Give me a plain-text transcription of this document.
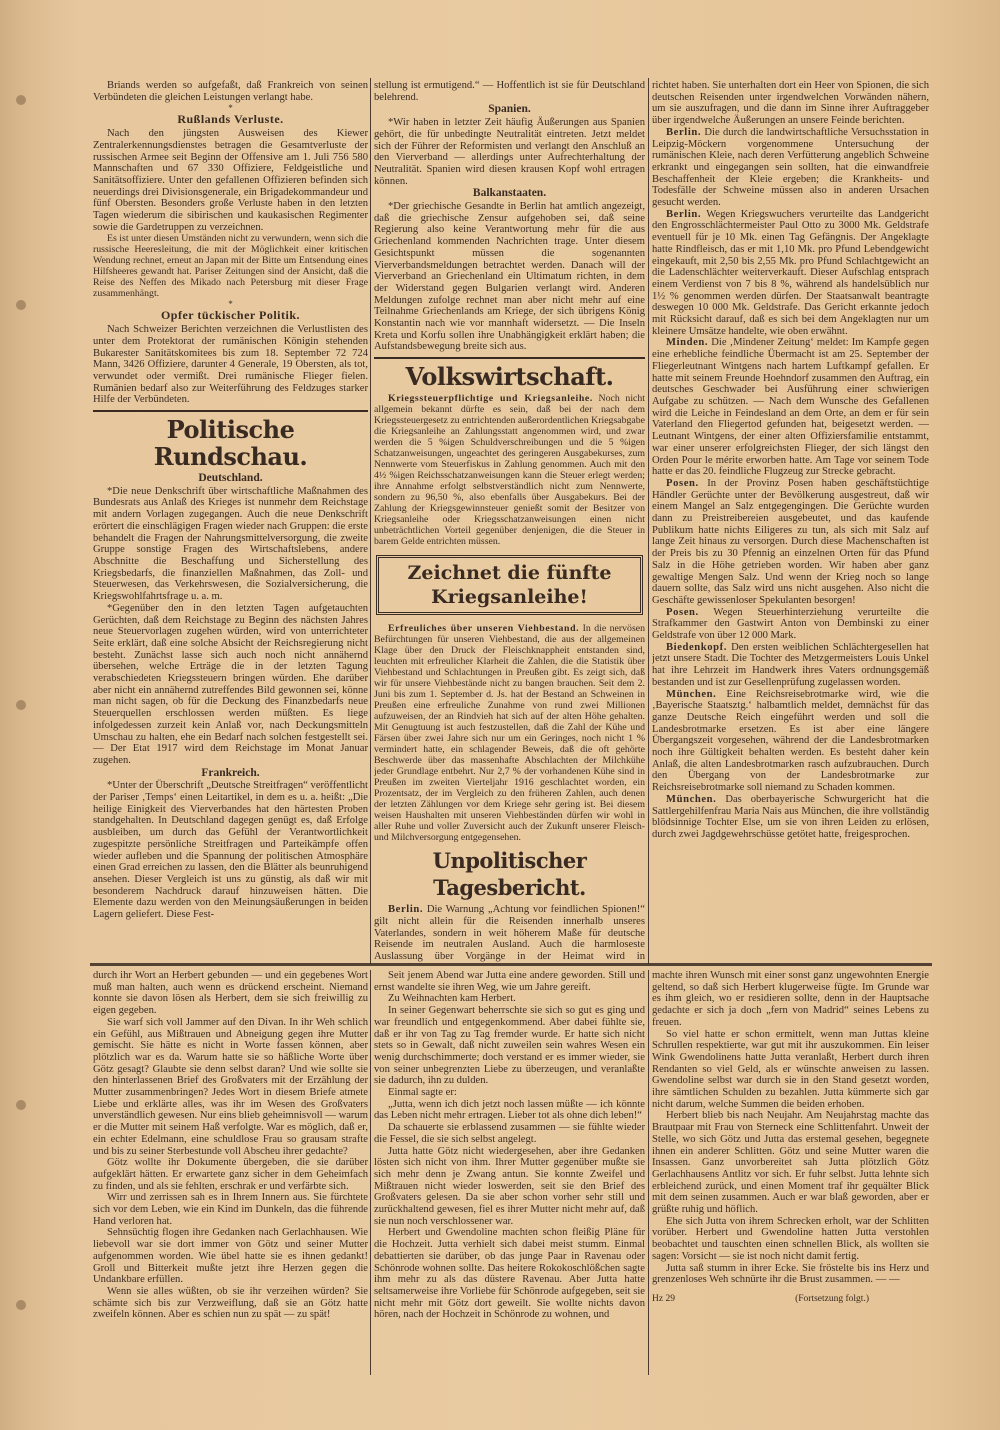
Briands werden so aufgefaßt, daß Frankreich von seinen Verbündeten die gleichen Leistungen verlangt habe.

*
Rußlands Verluste.

Nach den jüngsten Ausweisen des Kiewer Zentralerkennungsdienstes betragen die Gesamtverluste der russischen Armee seit Beginn der Offensive am 1. Juli 756 580 Mannschaften und 67 330 Offiziere, Feldgeistliche und Sanitätsoffiziere. Unter den gefallenen Offizieren befinden sich neuerdings drei Divisionsgenerale, ein Brigadekommandeur und fünf Obersten. Besonders große Verluste haben in den letzten Tagen wiederum die sibirischen und kaukasischen Regimenter sowie die Gardetruppen zu verzeichnen.

Es ist unter diesen Umständen nicht zu verwundern, wenn sich die russische Heeresleitung, die mit der Möglichkeit einer kritischen Wendung rechnet, erneut an Japan mit der Bitte um Entsendung eines Hilfsheeres gewandt hat. Pariser Zeitungen sind der Ansicht, daß die Reise des Neffen des Mikado nach Petersburg mit dieser Frage zusammenhängt.

*
Opfer tückischer Politik.

Nach Schweizer Berichten verzeichnen die Verlustlisten des unter dem Protektorat der rumänischen Königin stehenden Bukarester Sanitätskomitees bis zum 18. September 72 724 Mann, 3426 Offiziere, darunter 4 Generale, 19 Obersten, als tot, verwundet oder vermißt. Drei rumänische Flieger fielen. Rumänien bedarf also zur Weiterführung des Feldzuges starker Hilfe der Verbündeten.

Politische Rundschau.
Deutschland.

*Die neue Denkschrift über wirtschaftliche Maßnahmen des Bundesrats aus Anlaß des Krieges ist nunmehr dem Reichstage mit andern Vorlagen zugegangen. Auch die neue Denkschrift erörtert die einschlägigen Fragen wieder nach Gruppen: die erste behandelt die Fragen der Nahrungsmittelversorgung, die zweite Gruppe sonstige Fragen des Wirtschaftslebens, andere Abschnitte die Beschaffung und Sicherstellung des Kriegsbedarfs, die finanziellen Maßnahmen, das Zoll- und Steuerwesen, das Verkehrswesen, die Sozialversicherung, die Kriegswohlfahrtsfrage u. a. m.

*Gegenüber den in den letzten Tagen aufgetauchten Gerüchten, daß dem Reichstage zu Beginn des nächsten Jahres neue Steuervorlagen zugehen würden, wird von unterrichteter Seite erklärt, daß eine solche Absicht der Reichsregierung nicht besteht. Zunächst lasse sich auch noch nicht annähernd übersehen, welche Erträge die in der letzten Tagung verabschiedeten Kriegssteuern bringen würden. Ehe darüber aber nicht ein annähernd zutreffendes Bild gewonnen sei, könne man nicht sagen, ob für die Deckung des Finanzbedarfs neue Steuerquellen erschlossen werden müßten. Es liege infolgedessen zurzeit kein Anlaß vor, nach Deckungsmitteln Umschau zu halten, ehe ein Bedarf nach solchen festgestellt sei. — Der Etat 1917 wird dem Reichstage im Monat Januar zugehen.

Frankreich.

*Unter der Überschrift „Deutsche Streitfragen“ veröffentlicht der Pariser ‚Temps‘ einen Leitartikel, in dem es u. a. heißt: „Die heilige Einigkeit des Vierverbandes hat den härtesten Proben standgehalten. In Deutschland dagegen genügt es, daß Erfolge ausbleiben, um durch das Gefühl der Verantwortlichkeit zugespitzte persönliche Streitfragen und Parteikämpfe offen wieder aufleben und die Spannung der politischen Atmosphäre einen Grad erreichen zu lassen, den die Blätter als beunruhigend ansehen. Dieser Vergleich ist uns zu günstig, als daß wir mit besonderem Nachdruck darauf hinzuweisen hätten. Die Elemente dazu werden von den Meinungsäußerungen in beiden Lagern geliefert. Diese Fest-

stellung ist ermutigend.“ — Hoffentlich ist sie für Deutschland belehrend.

Spanien.

*Wir haben in letzter Zeit häufig Äußerungen aus Spanien gehört, die für unbedingte Neutralität eintreten. Jetzt meldet sich der Führer der Reformisten und verlangt den Anschluß an den Vierverband — allerdings unter Aufrechterhaltung der Neutralität. Spanien wird diesen krausen Kopf wohl ertragen können.

Balkanstaaten.

*Der griechische Gesandte in Berlin hat amtlich angezeigt, daß die griechische Zensur aufgehoben sei, daß seine Regierung also keine Verantwortung mehr für die aus Griechenland kommenden Nachrichten trage. Unter diesem Gesichtspunkt müssen die sogenannten Vierverbandsmeldungen betrachtet werden. Danach will der Vierverband an Griechenland ein Ultimatum richten, in dem der Widerstand gegen Bulgarien verlangt wird. Anderen Meldungen zufolge rechnet man aber nicht mehr auf eine Teilnahme Griechenlands am Kriege, der sich übrigens König Konstantin nach wie vor mannhaft widersetzt. — Die Inseln Kreta und Korfu sollen ihre Unabhängigkeit erklärt haben; die Aufstandsbewegung breite sich aus.

Volkswirtschaft.

Kriegssteuerpflichtige und Kriegsanleihe. Noch nicht allgemein bekannt dürfte es sein, daß bei der nach dem Kriegssteuergesetz zu entrichtenden außerordentlichen Kriegsabgabe die Kriegsanleihe an Zahlungsstatt angenommen wird, und zwar werden die 5 %igen Schuldverschreibungen und die 5 %igen Schatzanweisungen, ungeachtet des geringeren Ausgabekurses, zum Nennwerte vom Steuerfiskus in Zahlung genommen. Auch mit den 4½ %igen Reichsschatzanweisungen kann die Steuer erlegt werden; ihre Annahme erfolgt selbstverständlich nicht zum Nennwerte, sondern zu 96,50 %, also ebenfalls über Ausgabekurs. Bei der Zahlung der Kriegsgewinnsteuer genießt somit der Besitzer von Kriegsanleihe oder Kriegsschatzanweisungen einen nicht unbeträchtlichen Vorteil gegenüber denjenigen, die die Steuer in barem Gelde entrichten müssen.

Zeichnet die fünfte Kriegsanleihe!

Erfreuliches über unseren Viehbestand. In die nervösen Befürchtungen für unseren Viehbestand, die aus der allgemeinen Klage über den Druck der Fleischknappheit entstanden sind, leuchten mit erfreulicher Klarheit die Zahlen, die die Statistik über Viehbestand und Schlachtungen in Preußen gibt. Es zeigt sich, daß wir für unsere Viehbestände nicht zu bangen brauchen. Seit dem 2. Juni bis zum 1. September d. Js. hat der Bestand an Schweinen in Preußen eine erfreuliche Zunahme von rund zwei Millionen aufzuweisen, der an Rindvieh hat sich auf der alten Höhe gehalten. Mit Genugtuung ist auch festzustellen, daß die Zahl der Kühe und Färsen über zwei Jahre sich nur um ein Geringes, noch nicht 1 % vermindert hatte, ein schlagender Beweis, daß die oft gehörte Beschwerde über das massenhafte Abschlachten der Milchkühe jeder Grundlage entbehrt. Nur 2,7 % der vorhandenen Kühe sind in Preußen im zweiten Vierteljahr 1916 geschlachtet worden, ein Prozentsatz, der im Vergleich zu den früheren Zahlen, auch denen der letzten Zählungen vor dem Kriege sehr gering ist. Bei diesem weisen Haushalten mit unseren Viehbeständen dürfen wir wohl in aller Ruhe und voller Zuversicht auch der Zukunft unserer Fleisch- und Milchversorgung entgegensehen.

Unpolitischer Tagesbericht.

Berlin. Die Warnung „Achtung vor feindlichen Spionen!“ gilt nicht allein für die Reisenden innerhalb unseres Vaterlandes, sondern in weit höherem Maße für deutsche Reisende im neutralen Ausland. Auch die harmloseste Auslassung über Vorgänge in der Heimat wird in

richtet haben. Sie unterhalten dort ein Heer von Spionen, die sich deutschen Reisenden unter irgendwelchen Vorwänden nähern, um sie auszufragen, und die dann im Sinne ihrer Auftraggeber über irgendwelche Äußerungen an unsere Feinde berichten.

Berlin. Die durch die landwirtschaftliche Versuchsstation in Leipzig-Möckern vorgenommene Untersuchung der rumänischen Kleie, nach deren Verfütterung angeblich Schweine erkrankt und eingegangen sein sollten, hat die einwandfreie Beschaffenheit der Kleie ergeben; die Krankheits- und Todesfälle der Schweine müssen also in anderen Ursachen gesucht werden.

Berlin. Wegen Kriegswuchers verurteilte das Landgericht den Engrosschlächtermeister Paul Otto zu 3000 Mk. Geldstrafe eventuell für je 10 Mk. einen Tag Gefängnis. Der Angeklagte hatte Rindfleisch, das er mit 1,10 Mk. pro Pfund Lebendgewicht eingekauft, mit 2,50 bis 2,55 Mk. pro Pfund Schlachtgewicht an die Ladenschlächter weiterverkauft. Dieser Aufschlag entsprach einem Verdienst von 7 bis 8 %, während als handelsüblich nur 1½ % genommen werden dürfen. Der Staatsanwalt beantragte deswegen 10 000 Mk. Geldstrafe. Das Gericht erkannte jedoch mit Rücksicht darauf, daß es sich bei dem Angeklagten nur um kleinere Umsätze handelte, wie oben erwähnt.

Minden. Die ‚Mindener Zeitung‘ meldet: Im Kampfe gegen eine erhebliche feindliche Übermacht ist am 25. September der Fliegerleutnant Wintgens nach hartem Luftkampf gefallen. Er hatte mit seinem Freunde Hoehndorf zusammen den Auftrag, ein deutsches Geschwader bei Ausführung einer schwierigen Aufgabe zu schützen. — Nach dem Wunsche des Gefallenen wird die Leiche in Feindesland an dem Orte, an dem er für sein Vaterland den Fliegertod gefunden hat, beigesetzt werden. — Leutnant Wintgens, der einer alten Offiziersfamilie entstammt, war einer unserer erfolgreichsten Flieger, der sich längst den Orden Pour le mérite erworben hatte. Am Tage vor seinem Tode hatte er das 20. feindliche Flugzeug zur Strecke gebracht.

Posen. In der Provinz Posen haben geschäftstüchtige Händler Gerüchte unter der Bevölkerung ausgestreut, daß wir einem Mangel an Salz entgegengingen. Die Gerüchte wurden dann zu Preistreibereien ausgebeutet, und das kaufende Publikum hatte nichts Eiligeres zu tun, als sich mit Salz auf lange Zeit hinaus zu versorgen. Durch diese Machenschaften ist der Preis bis zu 30 Pfennig an einzelnen Orten für das Pfund Salz in die Höhe getrieben worden. Wir haben aber ganz gewaltige Mengen Salz. Und wenn der Krieg noch so lange dauern sollte, das Salz wird uns nicht ausgehen. Also nicht die Geschäfte gewissenloser Spekulanten besorgen!

Posen. Wegen Steuerhinterziehung verurteilte die Strafkammer den Gastwirt Anton von Dembinski zu einer Geldstrafe von über 12 000 Mark.

Biedenkopf. Den ersten weiblichen Schlächtergesellen hat jetzt unsere Stadt. Die Tochter des Metzgermeisters Louis Unkel hat ihre Lehrzeit im Handwerk ihres Vaters ordnungsgemäß bestanden und ist zur Gesellenprüfung zugelassen worden.

München. Eine Reichsreisebrotmarke wird, wie die ‚Bayerische Staatsztg.‘ halbamtlich meldet, demnächst für das ganze Deutsche Reich eingeführt werden und soll die Landesbrotmarke ersetzen. Es ist aber eine längere Übergangszeit vorgesehen, während der die Landesbrotmarken noch ihre Gültigkeit behalten werden. Es besteht daher kein Anlaß, die alten Landesbrotmarken rasch aufzubrauchen. Durch den Übergang von der Landesbrotmarke zur Reichsreisebrotmarke soll niemand zu Schaden kommen.

München. Das oberbayerische Schwurgericht hat die Sattlergehilfenfrau Maria Nais aus München, die ihre vollständig blödsinnige Tochter Else, um sie von ihren Leiden zu erlösen, durch zwei Jagdgewehrschüsse getötet hatte, freigesprochen.

durch ihr Wort an Herbert gebunden — und ein gegebenes Wort muß man halten, auch wenn es drückend erscheint. Niemand konnte sie davon lösen als Herbert, dem sie sich freiwillig zu eigen gegeben.

Sie warf sich voll Jammer auf den Divan. In ihr Weh schlich ein Gefühl, aus Mißtrauen und Abneigung gegen ihre Mutter gemischt. Sie hätte es nicht in Worte fassen können, aber plötzlich war es da. Warum hatte sie so häßliche Worte über Götz gesagt? Glaubte sie denn selbst daran? Und wie sollte sie den hinterlassenen Brief des Großvaters mit der Erzählung der Mutter zusammenbringen? Jedes Wort in diesem Briefe atmete Liebe und erklärte alles, was ihr im Wesen des Großvaters unverständlich gewesen. Nur eins blieb geheimnisvoll — warum er die Mutter mit seinem Haß verfolgte. War es möglich, daß er, ein echter Edelmann, eine schuldlose Frau so grausam strafte und bis zu seiner Sterbestunde voll Abscheu ihrer gedachte?

Götz wollte ihr Dokumente übergeben, die sie darüber aufgeklärt hätten. Er erwartete ganz sicher in dem Geheimfach zu finden, und als sie fehlten, erschrak er und verfärbte sich.

Wirr und zerrissen sah es in Ihrem Innern aus. Sie fürchtete sich vor dem Leben, wie ein Kind im Dunkeln, das die führende Hand verloren hat.

Sehnsüchtig flogen ihre Gedanken nach Gerlachhausen. Wie liebevoll war sie dort immer von Götz und seiner Mutter aufgenommen worden. Wie übel hatte sie es ihnen gedankt! Groll und Bitterkeit mußte jetzt ihre Herzen gegen die Undankbare erfüllen.

Wenn sie alles wüßten, ob sie ihr verzeihen würden? Sie schämte sich bis zur Verzweiflung, daß sie an Götz hatte zweifeln können. Aber es schien nun zu spät — zu spät!

Seit jenem Abend war Jutta eine andere geworden. Still und ernst wandelte sie ihren Weg, wie um Jahre gereift.

Zu Weihnachten kam Herbert.

In seiner Gegenwart beherrschte sie sich so gut es ging und war freundlich und entgegenkommend. Aber dabei fühlte sie, daß er ihr von Tag zu Tag fremder wurde. Er hatte sich nicht stets so in Gewalt, daß nicht zuweilen sein wahres Wesen ein wenig durchschimmerte; doch verstand er es immer wieder, sie von seiner unbegrenzten Liebe zu überzeugen, und veranlaßte sie dadurch, ihn zu dulden.

Einmal sagte er:

„Jutta, wenn ich dich jetzt noch lassen müßte — ich könnte das Leben nicht mehr ertragen. Lieber tot als ohne dich leben!“

Da schauerte sie erblassend zusammen — sie fühlte wieder die Fessel, die sie sich selbst angelegt.

Jutta hatte Götz nicht wiedergesehen, aber ihre Gedanken lösten sich nicht von ihm. Ihrer Mutter gegenüber mußte sie sich mehr denn je Zwang antun. Sie konnte Zweifel und Mißtrauen nicht wieder loswerden, seit sie den Brief des Großvaters gelesen. Da sie aber schon vorher sehr still und zurückhaltend gewesen, fiel es ihrer Mutter nicht mehr auf, daß sie nun noch verschlossener war.

Herbert und Gwendoline machten schon fleißig Pläne für die Hochzeit. Jutta verhielt sich dabei meist stumm. Einmal debattierten sie darüber, ob das junge Paar in Ravenau oder Schönrode wohnen sollte. Das heitere Rokokoschlößchen sagte ihm mehr zu als das düstere Ravenau. Aber Jutta hatte seltsamerweise ihre Vorliebe für Schönrode aufgegeben, seit sie nicht mehr mit Götz dort geweilt. Sie wollte nichts davon hören, nach der Hochzeit in Schönrode zu wohnen, und

machte ihren Wunsch mit einer sonst ganz ungewohnten Energie geltend, so daß sich Herbert klugerweise fügte. Im Grunde war es ihm gleich, wo er residieren sollte, denn in der Hauptsache gedachte er sich ja doch „fern von Madrid“ seines Lebens zu freuen.

So viel hatte er schon ermittelt, wenn man Juttas kleine Schrullen respektierte, war gut mit ihr auszukommen. Ein leiser Wink Gwendolinens hatte Jutta veranlaßt, Herbert durch ihren Rendanten so viel Geld, als er wünschte anweisen zu lassen. Gwendoline selbst war durch sie in den Stand gesetzt worden, ihre sämtlichen Schulden zu bezahlen. Jutta kümmerte sich gar nicht darum, welche Summen die beiden erhoben.

Herbert blieb bis nach Neujahr. Am Neujahrstag machte das Brautpaar mit Frau von Sterneck eine Schlittenfahrt. Unweit der Stelle, wo sich Götz und Jutta das erstemal gesehen, begegnete ihnen ein anderer Schlitten. Götz und seine Mutter waren die Insassen. Ganz unvorbereitet sah Jutta plötzlich Götz Gerlachhausens Antlitz vor sich. Er fuhr selbst. Jutta lehnte sich erbleichend zurück, und einen Moment traf ihr gequälter Blick mit dem seinen zusammen. Auch er war blaß geworden, aber er grüßte ruhig und höflich.

Ehe sich Jutta von ihrem Schrecken erholt, war der Schlitten vorüber. Herbert und Gwendoline hatten Jutta verstohlen beobachtet und tauschten einen schnellen Blick, als wollten sie sagen: Vorsicht — sie ist noch nicht damit fertig.

Jutta saß stumm in ihrer Ecke. Sie fröstelte bis ins Herz und grenzenloses Weh schnürte ihr die Brust zusammen. — —

Hz 29	(Fortsetzung folgt.)
